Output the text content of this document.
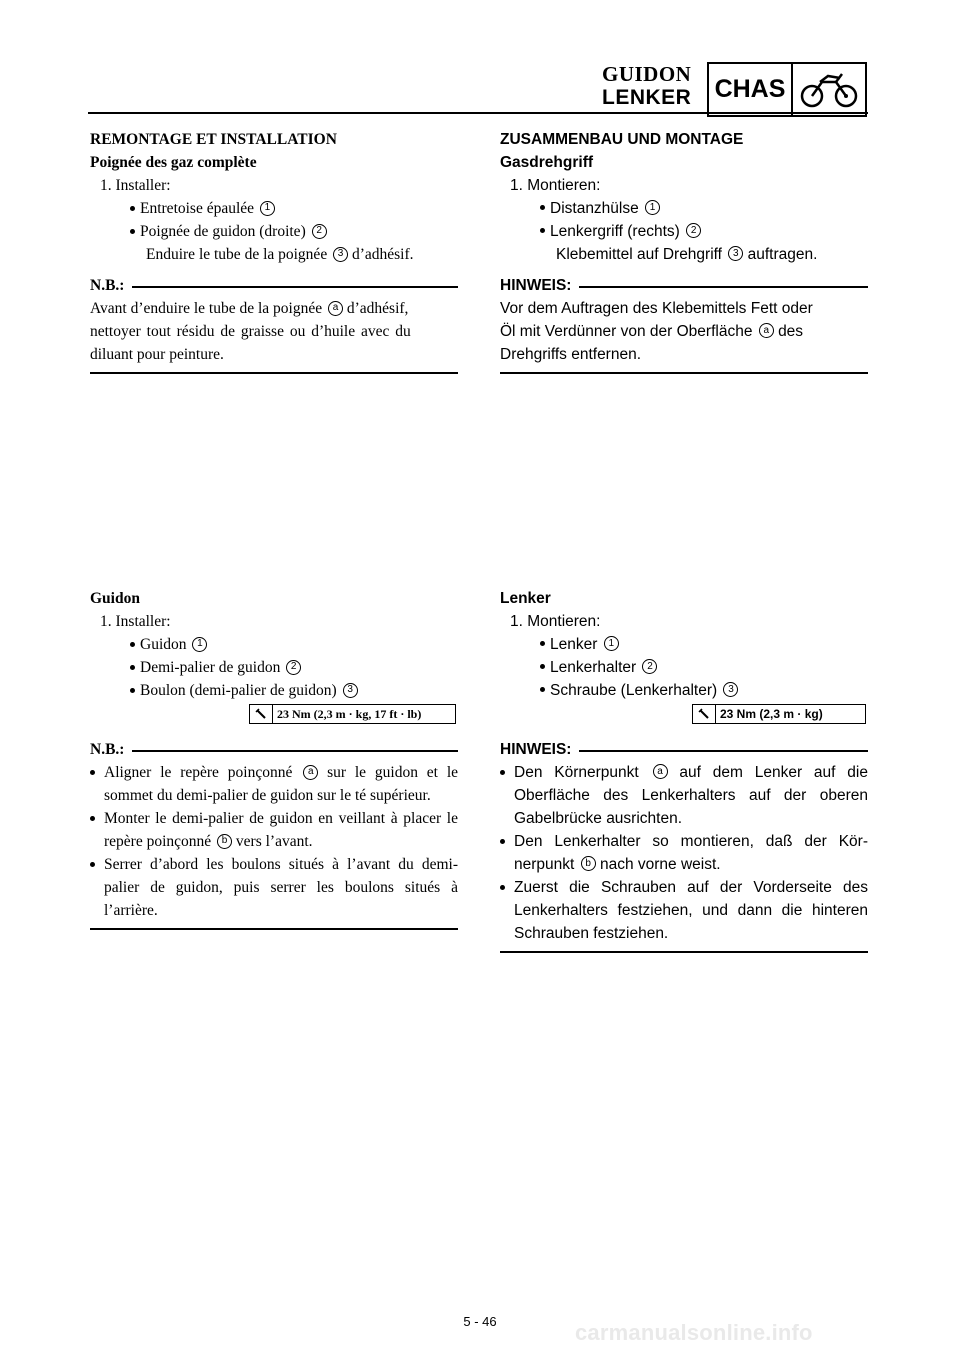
GUIDON
LENKER CHAS

REMONTAGE ET INSTALLATION

Poignée des gaz complète

1. Installer:

Entretoise épaulée 1

Poignée de guidon (droite) 2

Enduire le tube de la poignée 3 d’adhésif.

N.B.:

Avant d’enduire le tube de la poignée a d’adhésif,

nettoyer tout résidu de graisse ou d’huile avec du

diluant pour peinture.

ZUSAMMENBAU UND MONTAGE

Gasdrehgriff

1. Montieren:

Distanzhülse 1

Lenkergriff (rechts) 2

Klebemittel auf Drehgriff 3 auftragen.

HINWEIS:

Vor dem Auftragen des Klebemittels Fett oder

Öl mit Verdünner von der Oberfläche a des

Drehgriffs entfernen.

Guidon

1. Installer:

Guidon 1

Demi-palier de guidon 2

Boulon (demi-palier de guidon) 3

23 Nm (2,3 m · kg, 17 ft · lb)
N.B.:
Aligner le repère poinçonné a sur le guidon et le sommet du demi-palier de guidon sur le té supérieur.
Monter le demi-palier de guidon en veillant à placer le repère poinçonné b vers l’avant.
Serrer d’abord les boulons situés à l’avant du demi-palier de guidon, puis serrer les boulons situés à l’arrière.

Lenker

1. Montieren:

Lenker 1

Lenkerhalter 2

Schraube (Lenkerhalter) 3

23 Nm (2,3 m · kg)
HINWEIS:
Den Körnerpunkt a auf dem Lenker auf die Oberfläche des Lenkerhalters auf der oberen Gabelbrücke ausrichten.
Den Lenkerhalter so montieren, daß der Körnerpunkt b nach vorne weist.
Zuerst die Schrauben auf der Vorderseite des Lenkerhalters festziehen, und dann die hinteren Schrauben festziehen.
5 - 46	carmanualsonline.info
